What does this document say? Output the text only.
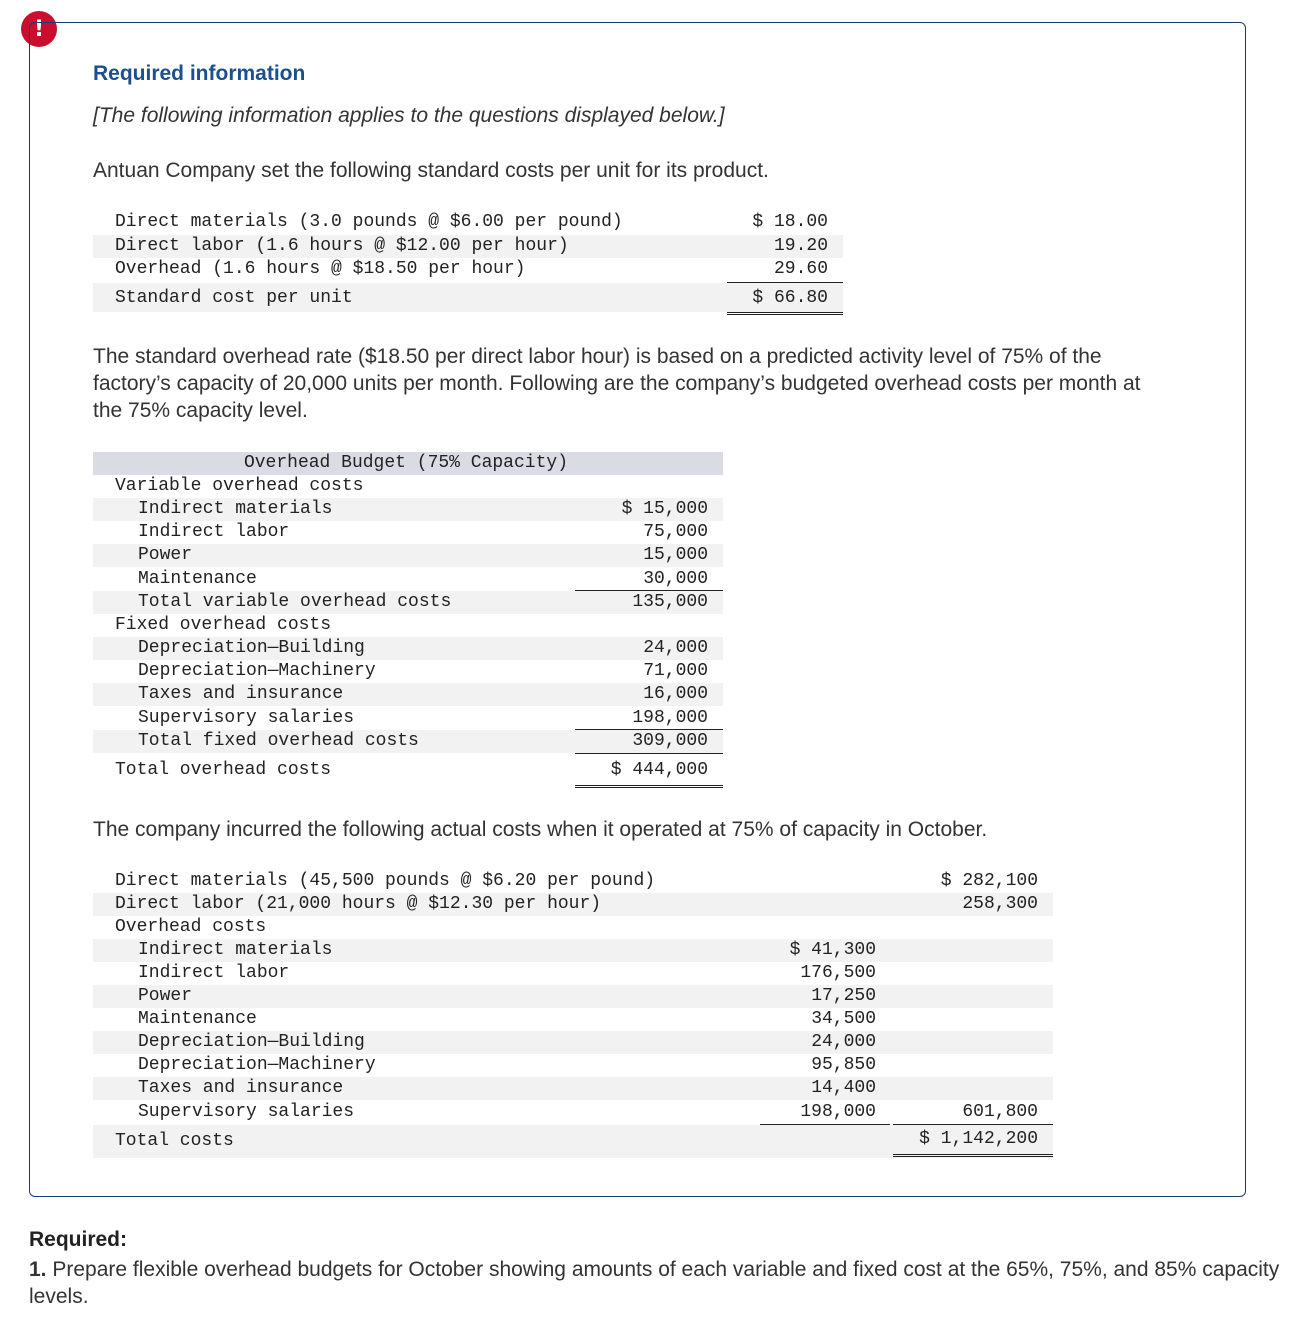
!
Required information
[The following information applies to the questions displayed below.]
Antuan Company set the following standard costs per unit for its product.
Direct materials (3.0 pounds @ $6.00 per pound)	$ 18.00
Direct labor (1.6 hours @ $12.00 per hour)	19.20
Overhead (1.6 hours @ $18.50 per hour)	29.60
Standard cost per unit	$ 66.80
The standard overhead rate ($18.50 per direct labor hour) is based on a predicted activity level of 75% of the factory’s capacity of 20,000 units per month. Following are the company’s budgeted overhead costs per month at the 75% capacity level.
Overhead Budget (75% Capacity)
Variable overhead costs
Indirect materials	$ 15,000
Indirect labor	75,000
Power	15,000
Maintenance	30,000
Total variable overhead costs	135,000
Fixed overhead costs
Depreciation—Building	24,000
Depreciation—Machinery	71,000
Taxes and insurance	16,000
Supervisory salaries	198,000
Total fixed overhead costs	309,000
Total overhead costs	$ 444,000
The company incurred the following actual costs when it operated at 75% of capacity in October.
Direct materials (45,500 pounds @ $6.20 per pound)	$ 282,100
Direct labor (21,000 hours @ $12.30 per hour)	258,300
Overhead costs
Indirect materials	$ 41,300
Indirect labor	176,500
Power	17,250
Maintenance	34,500
Depreciation—Building	24,000
Depreciation—Machinery	95,850
Taxes and insurance	14,400
Supervisory salaries	198,000	601,800
Total costs	$ 1,142,200
Required:
1. Prepare flexible overhead budgets for October showing amounts of each variable and fixed cost at the 65%, 75%, and 85% capacity levels.
